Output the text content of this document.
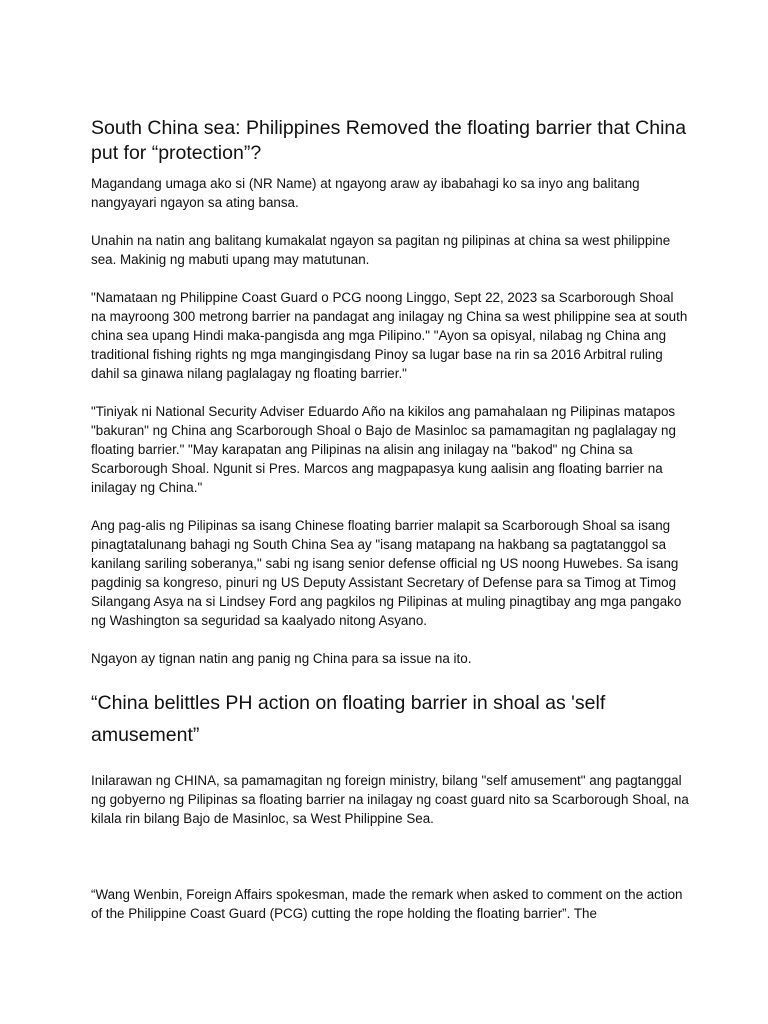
South China sea: Philippines Removed the floating barrier that China put for “protection”?

Magandang umaga ako si (NR Name) at ngayong araw ay ibabahagi ko sa inyo ang balitang nangyayari ngayon sa ating bansa.

Unahin na natin ang balitang kumakalat ngayon sa pagitan ng pilipinas at china sa west philippine sea. Makinig ng mabuti upang may matutunan.

"Namataan ng Philippine Coast Guard o PCG noong Linggo, Sept 22, 2023 sa Scarborough Shoal na mayroong 300 metrong barrier na pandagat ang inilagay ng China sa west philippine sea at south china sea upang Hindi maka-pangisda ang mga Pilipino." "Ayon sa opisyal, nilabag ng China ang traditional fishing rights ng mga mangingisdang Pinoy sa lugar base na rin sa 2016 Arbitral ruling dahil sa ginawa nilang paglalagay ng floating barrier."

"Tiniyak ni National Security Adviser Eduardo Año na kikilos ang pamahalaan ng Pilipinas matapos "bakuran" ng China ang Scarborough Shoal o Bajo de Masinloc sa pamamagitan ng paglalagay ng floating barrier." "May karapatan ang Pilipinas na alisin ang inilagay na "bakod" ng China sa Scarborough Shoal. Ngunit si Pres. Marcos ang magpapasya kung aalisin ang floating barrier na inilagay ng China."

Ang pag-alis ng Pilipinas sa isang Chinese floating barrier malapit sa Scarborough Shoal sa isang pinagtatalunang bahagi ng South China Sea ay "isang matapang na hakbang sa pagtatanggol sa kanilang sariling soberanya," sabi ng isang senior defense official ng US noong Huwebes. Sa isang pagdinig sa kongreso, pinuri ng US Deputy Assistant Secretary of Defense para sa Timog at Timog Silangang Asya na si Lindsey Ford ang pagkilos ng Pilipinas at muling pinagtibay ang mga pangako ng Washington sa seguridad sa kaalyado nitong Asyano.

Ngayon ay tignan natin ang panig ng China para sa issue na ito.

“China belittles PH action on floating barrier in shoal as 'self amusement”

Inilarawan ng CHINA, sa pamamagitan ng foreign ministry, bilang "self amusement" ang pagtanggal ng gobyerno ng Pilipinas sa floating barrier na inilagay ng coast guard nito sa Scarborough Shoal, na kilala rin bilang Bajo de Masinloc, sa West Philippine Sea.

“Wang Wenbin, Foreign Affairs spokesman, made the remark when asked to comment on the action of the Philippine Coast Guard (PCG) cutting the rope holding the floating barrier”. The
